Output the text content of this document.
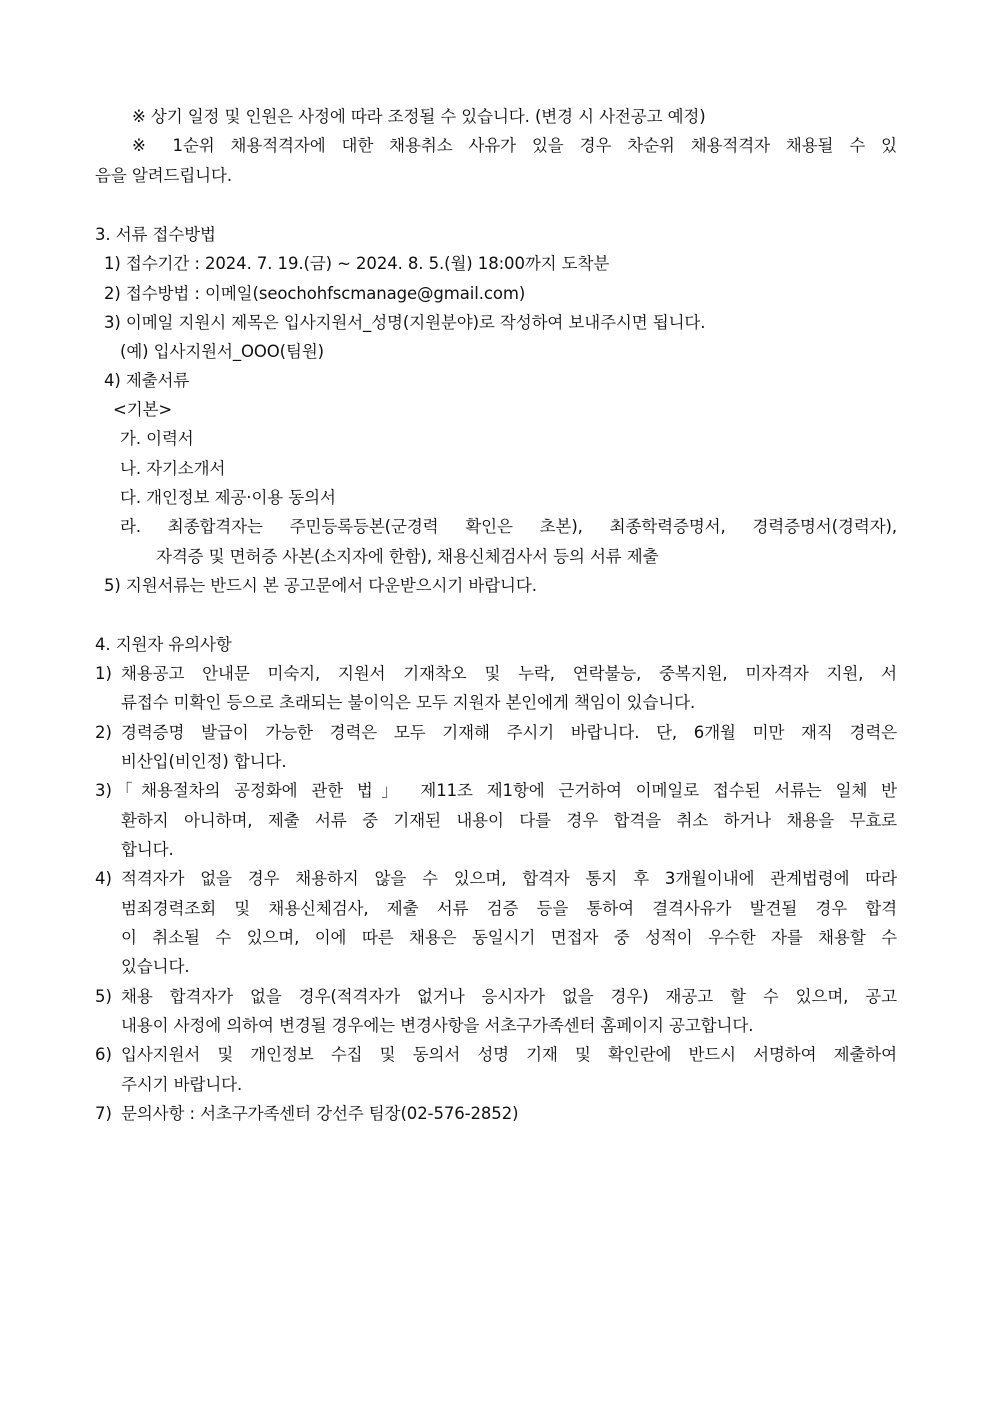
※ 상기 일정 및 인원은 사정에 따라 조정될 수 있습니다. (변경 시 사전공고 예정)
※ 1순위 채용적격자에 대한 채용취소 사유가 있을 경우 차순위 채용적격자 채용될 수 있
음을 알려드립니다.
3. 서류 접수방법
1) 접수기간 : 2024. 7. 19.(금) ~ 2024. 8. 5.(월) 18:00까지 도착분
2) 접수방법 : 이메일(seochohfscmanage@gmail.com)
3) 이메일 지원시 제목은 입사지원서_성명(지원분야)로 작성하여 보내주시면 됩니다.
(예) 입사지원서_OOO(팀원)
4) 제출서류
<기본>
가. 이력서
나. 자기소개서
다. 개인정보 제공·이용 동의서
라. 최종합격자는 주민등록등본(군경력 확인은 초본), 최종학력증명서, 경력증명서(경력자),
자격증 및 면허증 사본(소지자에 한함), 채용신체검사서 등의 서류 제출
5) 지원서류는 반드시 본 공고문에서 다운받으시기 바랍니다.
4. 지원자 유의사항
1) 채용공고 안내문 미숙지, 지원서 기재착오 및 누락, 연락불능, 중복지원, 미자격자 지원, 서
류접수 미확인 등으로 초래되는 불이익은 모두 지원자 본인에게 책임이 있습니다.
2) 경력증명 발급이 가능한 경력은 모두 기재해 주시기 바랍니다. 단, 6개월 미만 재직 경력은
비산입(비인정) 합니다.
3) 「채용절차의 공정화에 관한 법」 제11조 제1항에 근거하여 이메일로 접수된 서류는 일체 반
환하지 아니하며, 제출 서류 중 기재된 내용이 다를 경우 합격을 취소 하거나 채용을 무효로
합니다.
4) 적격자가 없을 경우 채용하지 않을 수 있으며, 합격자 통지 후 3개월이내에 관계법령에 따라
범죄경력조회 및 채용신체검사, 제출 서류 검증 등을 통하여 결격사유가 발견될 경우 합격
이 취소될 수 있으며, 이에 따른 채용은 동일시기 면접자 중 성적이 우수한 자를 채용할 수
있습니다.
5) 채용 합격자가 없을 경우(적격자가 없거나 응시자가 없을 경우) 재공고 할 수 있으며, 공고
내용이 사정에 의하여 변경될 경우에는 변경사항을 서초구가족센터 홈페이지 공고합니다.
6) 입사지원서 및 개인정보 수집 및 동의서 성명 기재 및 확인란에 반드시 서명하여 제출하여
주시기 바랍니다.
7) 문의사항 : 서초구가족센터 강선주 팀장(02-576-2852)
